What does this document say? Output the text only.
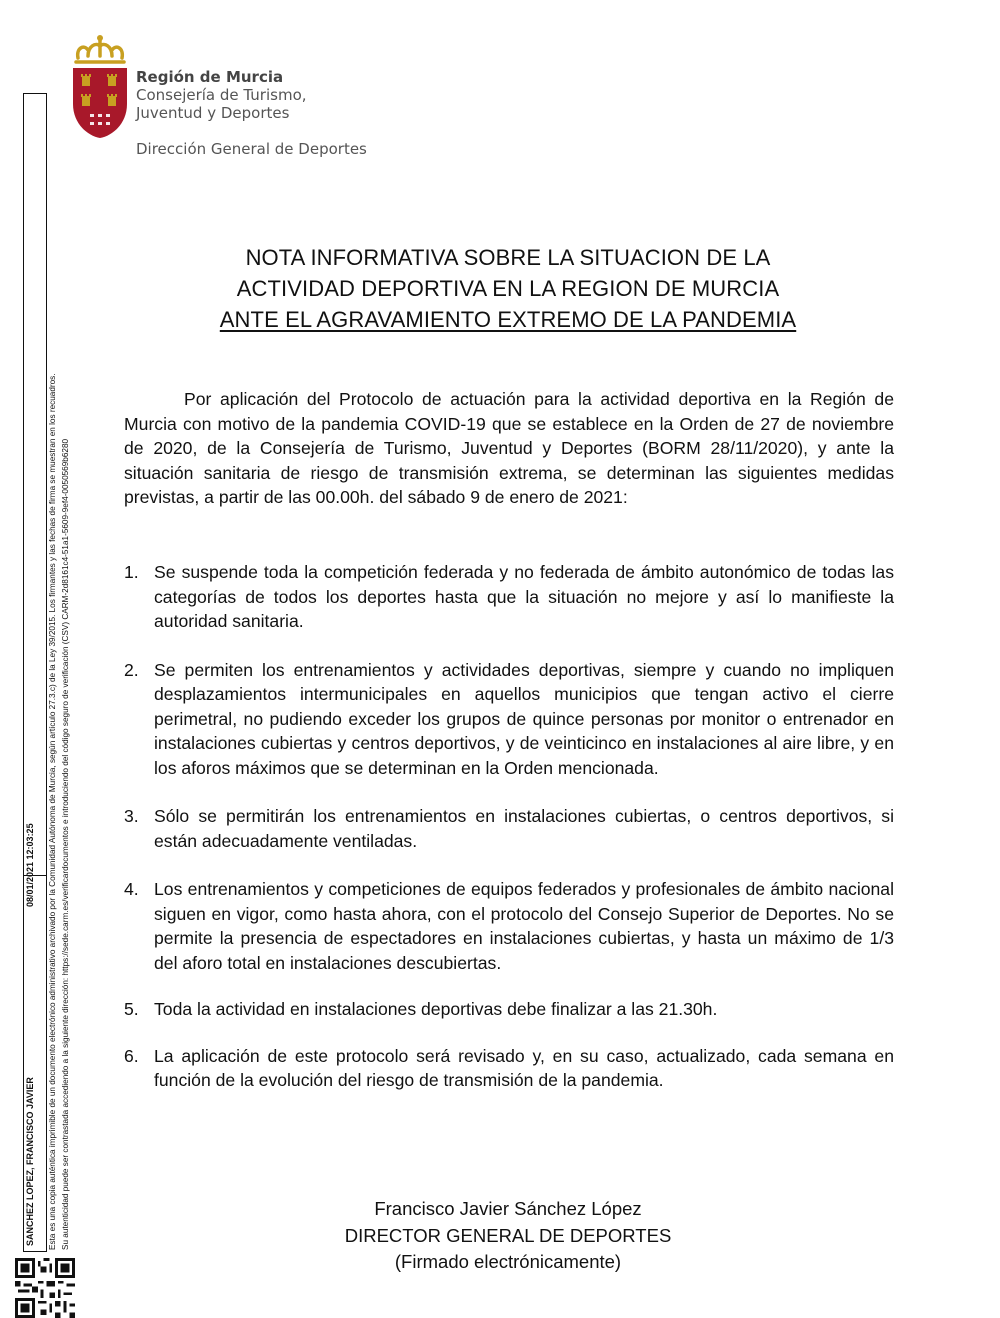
Región de Murcia
Consejería de Turismo,
Juventud y Deportes
Dirección General de Deportes
SANCHEZ LOPEZ, FRANCISCO JAVIER
08/01/2021 12:03:25 Esta es una copia auténtica imprimible de un documento electrónico administrativo archivado por la Comunidad Autónoma de Murcia, según artículo 27.3.c) de la Ley 39/2015. Los firmantes y las fechas de firma se muestran en los recuadros. Su autenticidad puede ser contrastada accediendo a la siguiente dirección: https://sede.carm.es/verificardocumentos e introduciendo del código seguro de verificación (CSV) CARM-2d8161c4-51a1-5609-9ef4-0050569b6280
NOTA INFORMATIVA SOBRE LA SITUACION DE LA
ACTIVIDAD DEPORTIVA EN LA REGION DE MURCIA
ANTE EL AGRAVAMIENTO EXTREMO DE LA PANDEMIA
Por aplicación del Protocolo de actuación para la actividad deportiva en la Región de Murcia con motivo de la pandemia COVID-19 que se establece en la Orden de 27 de noviembre de 2020, de la Consejería de Turismo, Juventud y Deportes (BORM 28/11/2020), y ante la situación sanitaria de riesgo de transmisión extrema, se determinan las siguientes medidas previstas, a partir de las 00.00h. del sábado 9 de enero de 2021:
1. Se suspende toda la competición federada y no federada de ámbito autonómico de todas las categorías de todos los deportes hasta que la situación no mejore y así lo manifieste la autoridad sanitaria.
2. Se permiten los entrenamientos y actividades deportivas, siempre y cuando no impliquen desplazamientos intermunicipales en aquellos municipios que tengan activo el cierre perimetral, no pudiendo exceder los grupos de quince personas por monitor o entrenador en instalaciones cubiertas y centros deportivos, y de veinticinco en instalaciones al aire libre, y en los aforos máximos que se determinan en la Orden mencionada.
3. Sólo se permitirán los entrenamientos en instalaciones cubiertas, o centros deportivos, si están adecuadamente ventiladas.
4. Los entrenamientos y competiciones de equipos federados y profesionales de ámbito nacional siguen en vigor, como hasta ahora, con el protocolo del Consejo Superior de Deportes. No se permite la presencia de espectadores en instalaciones cubiertas, y hasta un máximo de 1/3 del aforo total en instalaciones descubiertas.
5. Toda la actividad en instalaciones deportivas debe finalizar a las 21.30h.
6. La aplicación de este protocolo será revisado y, en su caso, actualizado, cada semana en función de la evolución del riesgo de transmisión de la pandemia.
Francisco Javier Sánchez López
DIRECTOR GENERAL DE DEPORTES
(Firmado electrónicamente)
